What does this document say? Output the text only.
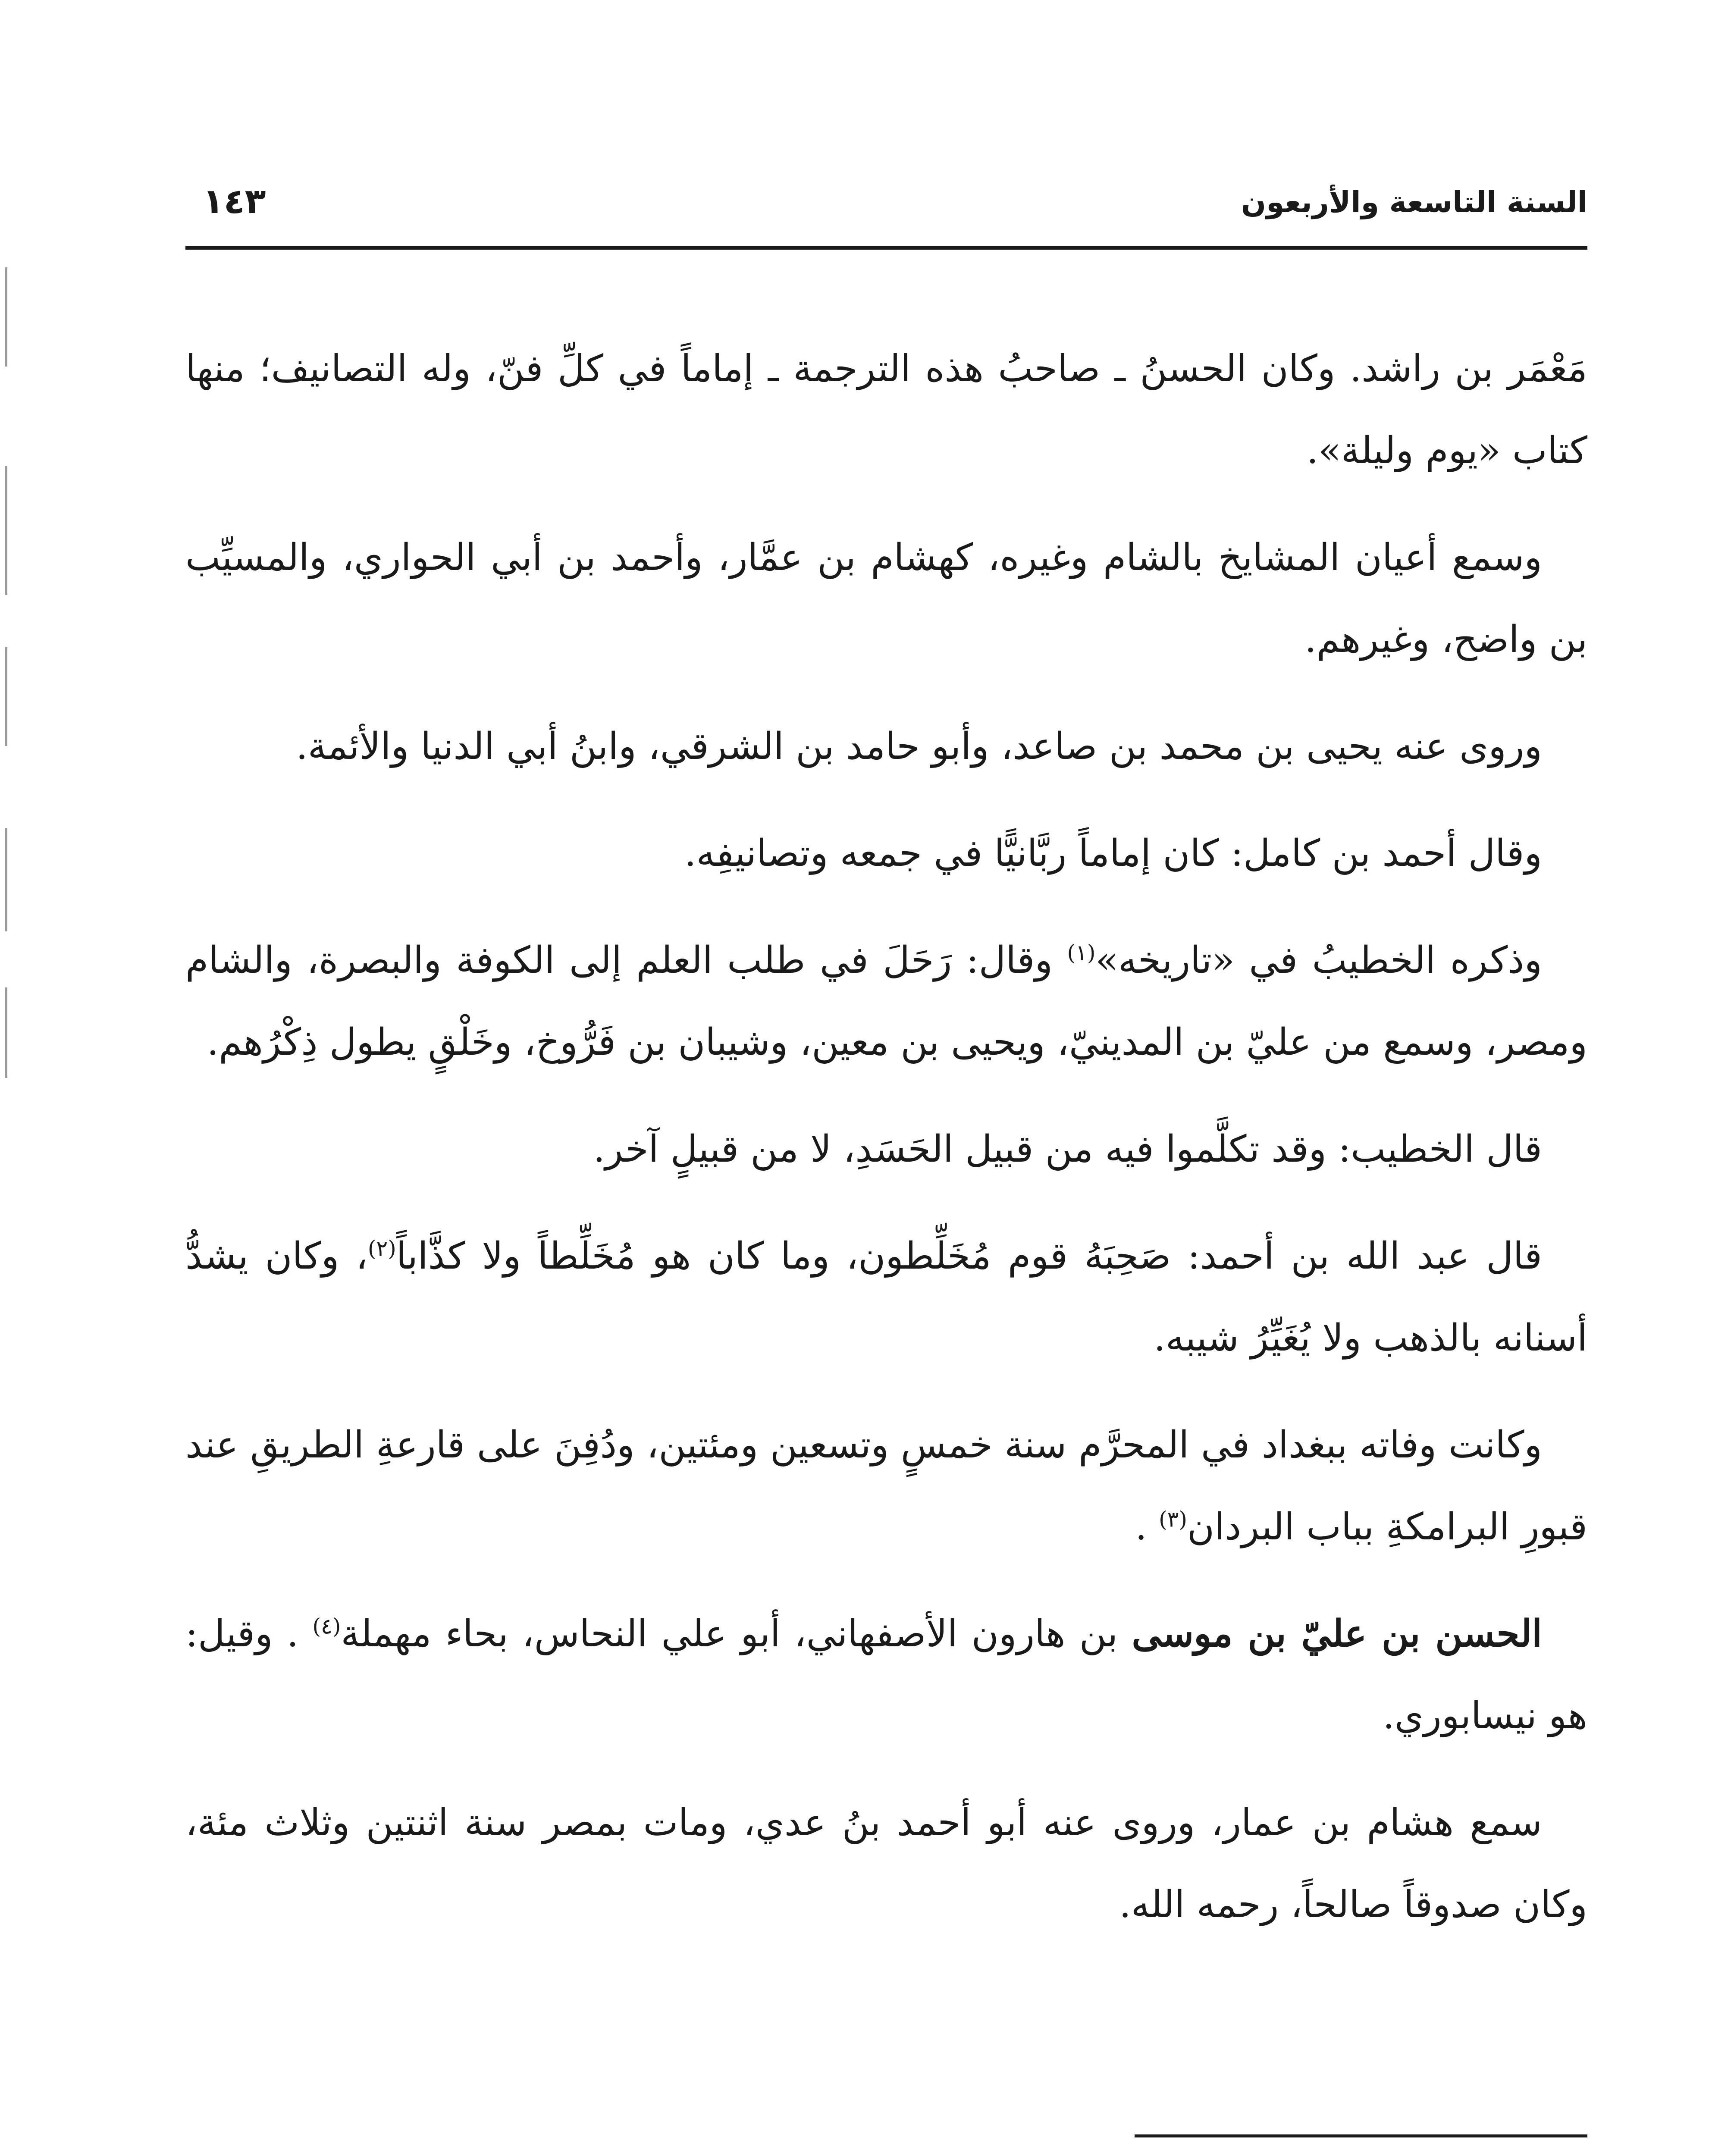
السنة التاسعة والأربعون
١٤٣

مَعْمَر بن راشد. وكان الحسنُ ـ صاحبُ هذه الترجمة ـ إماماً في كلِّ فنّ، وله التصانيف؛ منها كتاب «يوم وليلة».

وسمع أعيان المشايخ بالشام وغيره، كهشام بن عمَّار، وأحمد بن أبي الحواري، والمسيِّب بن واضح، وغيرهم.

وروى عنه يحيى بن محمد بن صاعد، وأبو حامد بن الشرقي، وابنُ أبي الدنيا والأئمة.

وقال أحمد بن كامل: كان إماماً ربَّانيًّا في جمعه وتصانيفِه.

وذكره الخطيبُ في «تاريخه»$^{(١)}$ وقال: رَحَلَ في طلب العلم إلى الكوفة والبصرة، والشام ومصر، وسمع من عليّ بن المدينيّ، ويحيى بن معين، وشيبان بن فَرُّوخ، وخَلْقٍ يطول ذِكْرُهم.

قال الخطيب: وقد تكلَّموا فيه من قبيل الحَسَدِ، لا من قبيلٍ آخر.

قال عبد الله بن أحمد: صَحِبَهُ قوم مُخَلِّطون، وما كان هو مُخَلِّطاً ولا كذَّاباً$^{(٢)}$، وكان يشدُّ أسنانه بالذهب ولا يُغَيِّرُ شيبه.

وكانت وفاته ببغداد في المحرَّم سنة خمسٍ وتسعين ومئتين، ودُفِنَ على قارعةِ الطريقِ عند قبورِ البرامكةِ بباب البردان$^{(٣)}$ .

الحسن بن عليّ بن موسى بن هارون الأصفهاني، أبو علي النحاس، بحاء مهملة$^{(٤)}$ . وقيل: هو نيسابوري.

سمع هشام بن عمار، وروى عنه أبو أحمد بنُ عدي، ومات بمصر سنة اثنتين وثلاث مئة، وكان صدوقاً صالحاً، رحمه الله.
